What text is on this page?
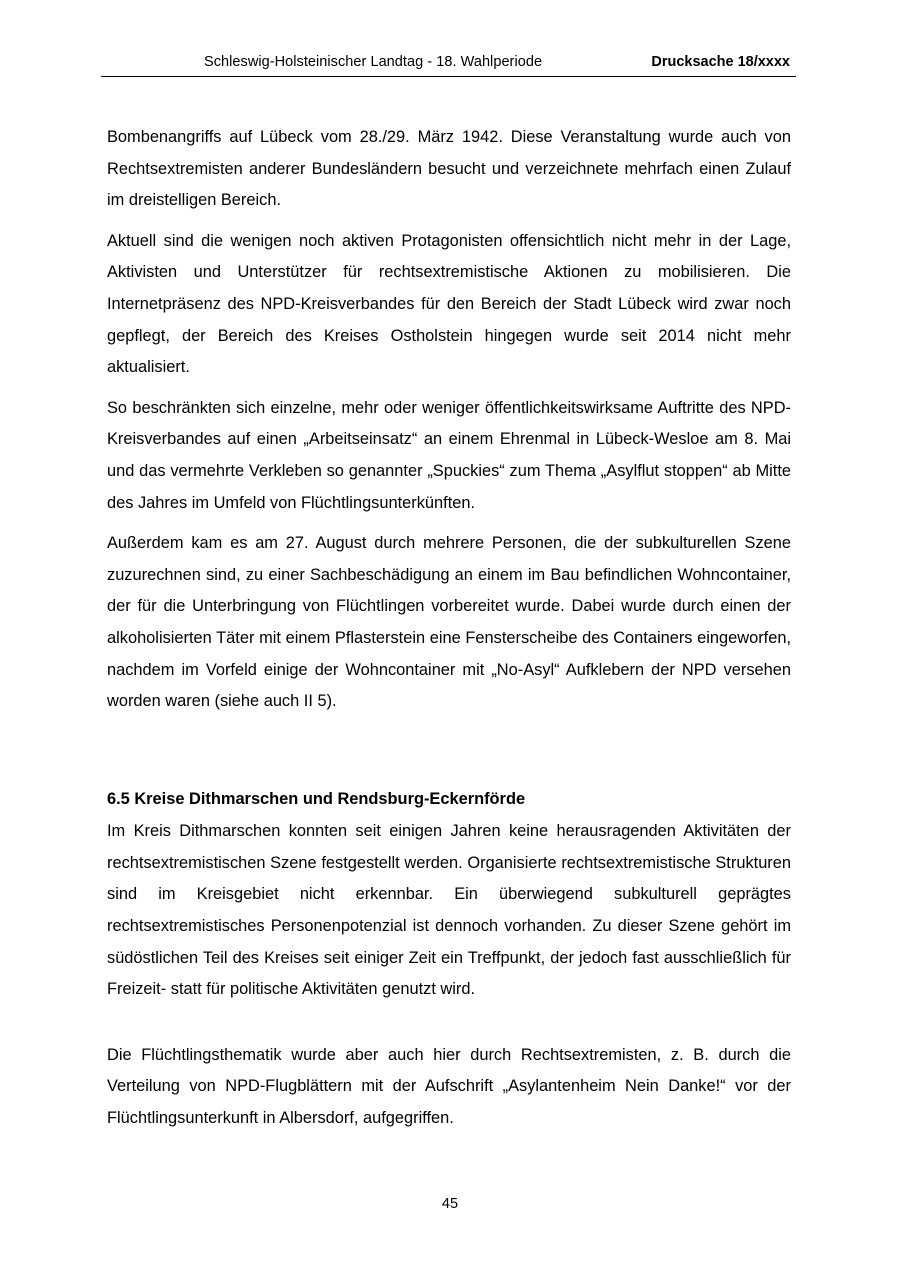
Schleswig-Holsteinischer Landtag - 18. Wahlperiode	Drucksache 18/xxxx

Bombenangriffs auf Lübeck vom 28./29. März 1942. Diese Veranstaltung wurde auch von Rechtsextremisten anderer Bundesländern besucht und verzeichnete mehrfach einen Zulauf im dreistelligen Bereich.

Aktuell sind die wenigen noch aktiven Protagonisten offensichtlich nicht mehr in der Lage, Aktivisten und Unterstützer für rechtsextremistische Aktionen zu mobilisieren. Die Internetpräsenz des NPD-Kreisverbandes für den Bereich der Stadt Lübeck wird zwar noch gepflegt, der Bereich des Kreises Ostholstein hingegen wurde seit 2014 nicht mehr aktualisiert.

So beschränkten sich einzelne, mehr oder weniger öffentlichkeitswirksame Auftritte des NPD-Kreisverbandes auf einen „Arbeitseinsatz“ an einem Ehrenmal in Lübeck-Wesloe am 8. Mai und das vermehrte Verkleben so genannter „Spuckies“ zum Thema „Asylflut stoppen“ ab Mitte des Jahres im Umfeld von Flüchtlingsunterkünften.

Außerdem kam es am 27. August durch mehrere Personen, die der subkulturellen Szene zuzurechnen sind, zu einer Sachbeschädigung an einem im Bau befindlichen Wohncontainer, der für die Unterbringung von Flüchtlingen vorbereitet wurde. Dabei wurde durch einen der alkoholisierten Täter mit einem Pflasterstein eine Fensterscheibe des Containers eingeworfen, nachdem im Vorfeld einige der Wohncontainer mit „No-Asyl“ Aufklebern der NPD versehen worden waren (siehe auch II 5).

6.5 Kreise Dithmarschen und Rendsburg-Eckernförde

Im Kreis Dithmarschen konnten seit einigen Jahren keine herausragenden Aktivitäten der rechtsextremistischen Szene festgestellt werden. Organisierte rechtsextremistische Strukturen sind im Kreisgebiet nicht erkennbar. Ein überwiegend subkulturell geprägtes rechtsextremistisches Personenpotenzial ist dennoch vorhanden. Zu dieser Szene gehört im südöstlichen Teil des Kreises seit einiger Zeit ein Treffpunkt, der jedoch fast ausschließlich für Freizeit- statt für politische Aktivitäten genutzt wird.

Die Flüchtlingsthematik wurde aber auch hier durch Rechtsextremisten, z. B. durch die Verteilung von NPD-Flugblättern mit der Aufschrift „Asylantenheim Nein Danke!“ vor der Flüchtlingsunterkunft in Albersdorf, aufgegriffen.

45
